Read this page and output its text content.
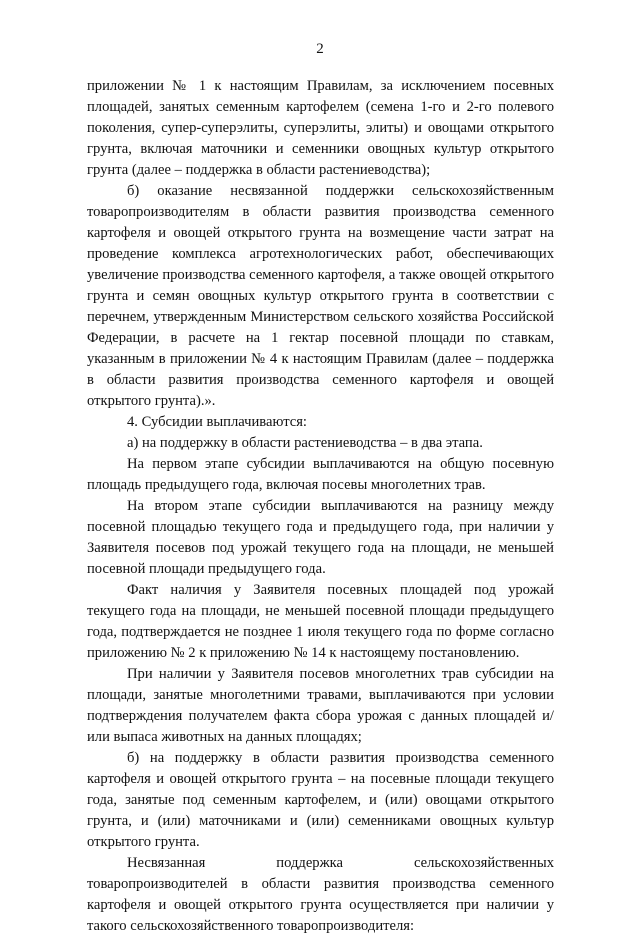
2

приложении № 1 к настоящим Правилам, за исключением посевных площадей, занятых семенным картофелем (семена 1-го и 2-го полевого поколения, супер-суперэлиты, суперэлиты, элиты) и овощами открытого грунта, включая маточники и семенники овощных культур открытого грунта (далее – поддержка в области растениеводства);

б) оказание несвязанной поддержки сельскохозяйственным товаропроизводителям в области развития производства семенного картофеля и овощей открытого грунта на возмещение части затрат на проведение комплекса агротехнологических работ, обеспечивающих увеличение производства семенного картофеля, а также овощей открытого грунта и семян овощных культур открытого грунта в соответствии с перечнем, утвержденным Министерством сельского хозяйства Российской Федерации, в расчете на 1 гектар посевной площади по ставкам, указанным в приложении № 4 к настоящим Правилам (далее – поддержка в области развития производства семенного картофеля и овощей открытого грунта).».

4. Субсидии выплачиваются:

а) на поддержку в области растениеводства – в два этапа.

На первом этапе субсидии выплачиваются на общую посевную площадь предыдущего года, включая посевы многолетних трав.

На втором этапе субсидии выплачиваются на разницу между посевной площадью текущего года и предыдущего года, при наличии у Заявителя посевов под урожай текущего года на площади, не меньшей посевной площади предыдущего года.

Факт наличия у Заявителя посевных площадей под урожай текущего года на площади, не меньшей посевной площади предыдущего года, подтверждается не позднее 1 июля текущего года по форме согласно приложению № 2 к приложению № 14 к настоящему постановлению.

При наличии у Заявителя посевов многолетних трав субсидии на площади, занятые многолетними травами, выплачиваются при условии подтверждения получателем факта сбора урожая с данных площадей и/или выпаса животных на данных площадях;

б) на поддержку в области развития производства семенного картофеля и овощей открытого грунта – на посевные площади текущего года, занятые под семенным картофелем, и (или) овощами открытого грунта, и (или) маточниками и (или) семенниками овощных культур открытого грунта.

Несвязанная поддержка сельскохозяйственных товаропроизводителей в области развития производства семенного картофеля и овощей открытого грунта осуществляется при наличии у такого сельскохозяйственного товаропроизводителя:
